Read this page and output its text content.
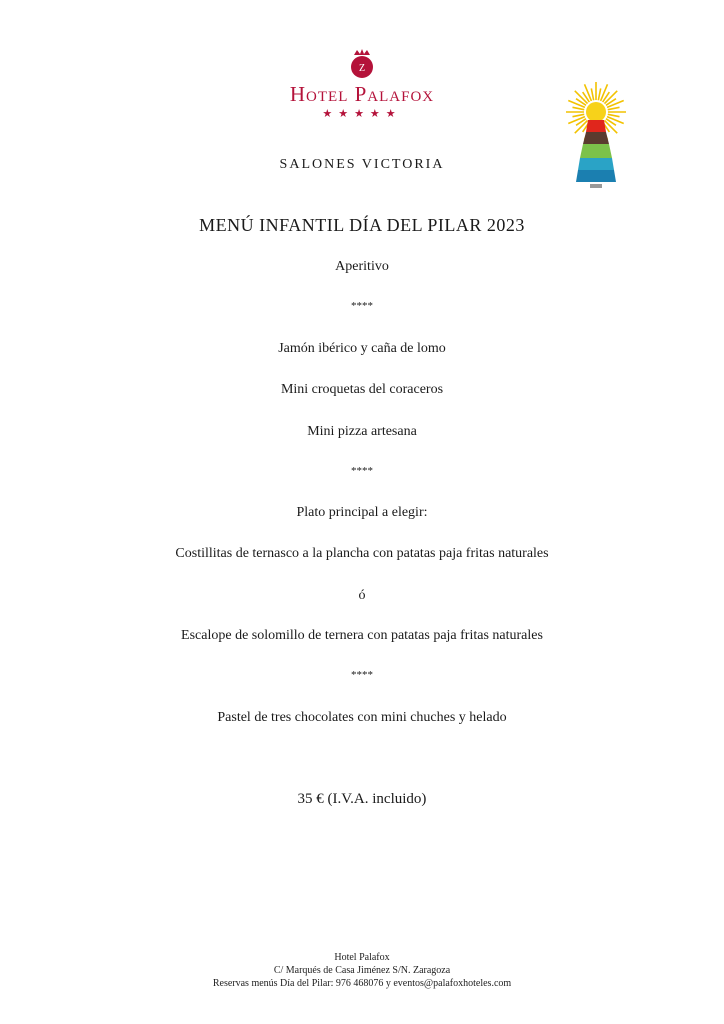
Z
Hotel Palafox
★★★★★
SALONES VICTORIA
MENÚ INFANTIL DÍA DEL PILAR 2023
Aperitivo
****
Jamón ibérico y caña de lomo
Mini croquetas del coraceros
Mini pizza artesana
****
Plato principal a elegir:
Costillitas de ternasco a la plancha con patatas paja fritas naturales
ó
Escalope de solomillo de ternera con patatas paja fritas naturales
****
Pastel de tres chocolates con mini chuches y helado
35 € (I.V.A. incluido)
Hotel Palafox
C/ Marqués de Casa Jiménez S/N. Zaragoza
Reservas menús Día del Pilar: 976 468076 y eventos@palafoxhoteles.com
